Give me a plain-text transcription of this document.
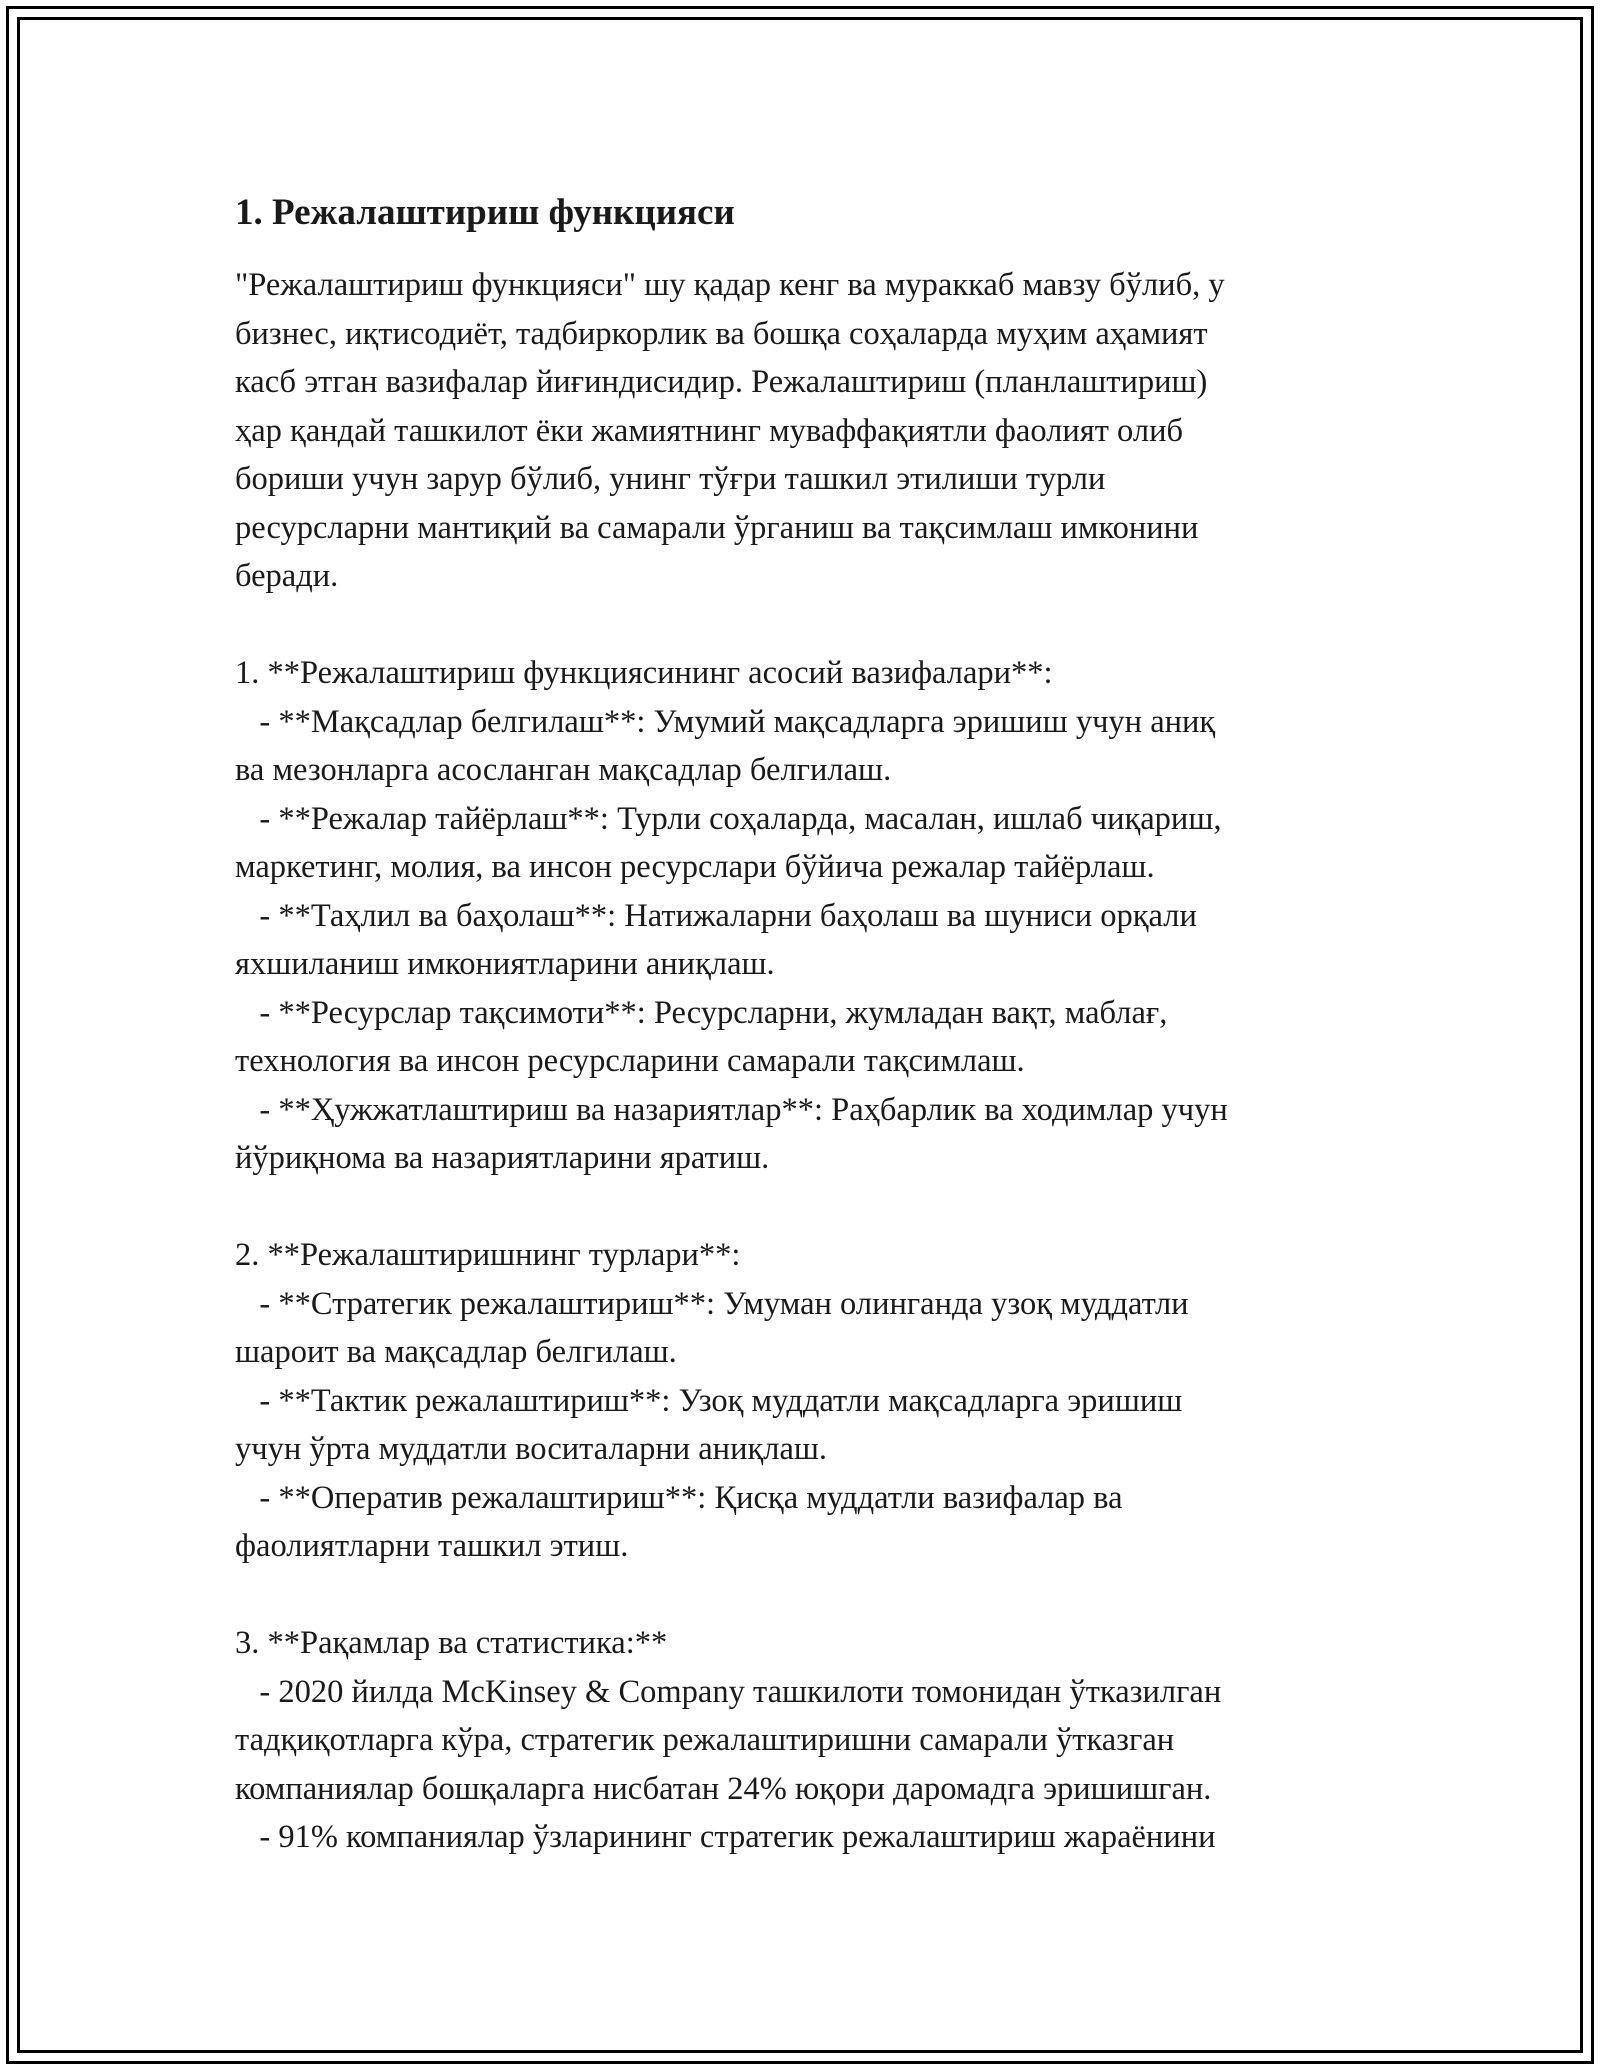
1. Режалаштириш функцияси

"Режалаштириш функцияси" шу қадар кенг ва мураккаб мавзу бўлиб, у
бизнес, иқтисодиёт, тадбиркорлик ва бошқа соҳаларда муҳим аҳамият
касб этган вазифалар йиғиндисидир. Режалаштириш (планлаштириш)
ҳар қандай ташкилот ёки жамиятнинг муваффақиятли фаолият олиб
бориши учун зарур бўлиб, унинг тўғри ташкил этилиши турли
ресурсларни мантиқий ва самарали ўрганиш ва тақсимлаш имконини
беради.

1. **Режалаштириш функциясининг асосий вазифалари**:
- **Мақсадлар белгилаш**: Умумий мақсадларга эришиш учун аниқ
ва мезонларга асосланган мақсадлар белгилаш.
- **Режалар тайёрлаш**: Турли соҳаларда, масалан, ишлаб чиқариш,
маркетинг, молия, ва инсон ресурслари бўйича режалар тайёрлаш.
- **Таҳлил ва баҳолаш**: Натижаларни баҳолаш ва шуниси орқали
яхшиланиш имкониятларини аниқлаш.
- **Ресурслар тақсимоти**: Ресурсларни, жумладан вақт, маблағ,
технология ва инсон ресурсларини самарали тақсимлаш.
- **Ҳужжатлаштириш ва назариятлар**: Раҳбарлик ва ходимлар учун
йўриқнома ва назариятларини яратиш.

2. **Режалаштиришнинг турлари**:
- **Стратегик режалаштириш**: Умуман олинганда узоқ муддатли
шароит ва мақсадлар белгилаш.
- **Тактик режалаштириш**: Узоқ муддатли мақсадларга эришиш
учун ўрта муддатли воситаларни аниқлаш.
- **Оператив режалаштириш**: Қисқа муддатли вазифалар ва
фаолиятларни ташкил этиш.

3. **Рақамлар ва статистика:**
- 2020 йилда McKinsey & Company ташкилоти томонидан ўтказилган
тадқиқотларга кўра, стратегик режалаштиришни самарали ўтказган
компаниялар бошқаларга нисбатан 24% юқори даромадга эришишган.
- 91% компаниялар ўзларининг стратегик режалаштириш жараёнини
